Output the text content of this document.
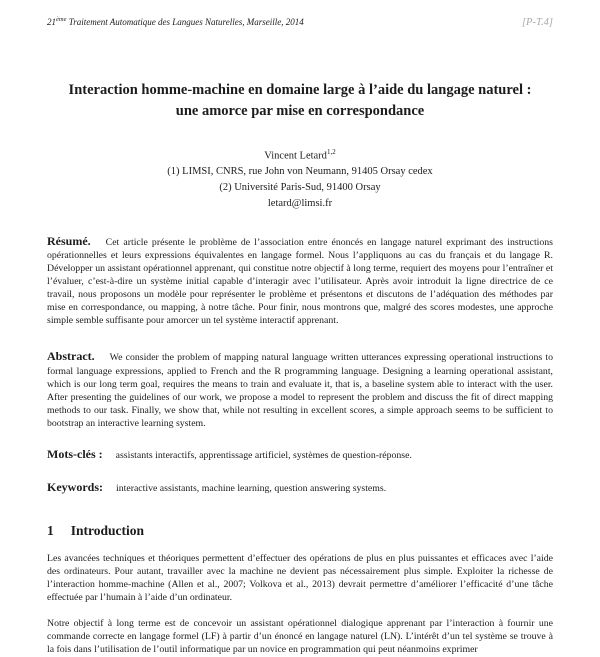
21ème Traitement Automatique des Langues Naturelles, Marseille, 2014	[P-T.4]
Interaction homme-machine en domaine large à l’aide du langage naturel :
une amorce par mise en correspondance
Vincent Letard$^{1,2}$
(1) LIMSI, CNRS, rue John von Neumann, 91405 Orsay cedex
(2) Université Paris-Sud, 91400 Orsay
letard@limsi.fr
Résumé. Cet article présente le problème de l’association entre énoncés en langage naturel exprimant des instructions opérationnelles et leurs expressions équivalentes en langage formel. Nous l’appliquons au cas du français et du langage R. Développer un assistant opérationnel apprenant, qui constitue notre objectif à long terme, requiert des moyens pour l’entraîner et l’évaluer, c’est-à-dire un système initial capable d’interagir avec l’utilisateur. Après avoir introduit la ligne directrice de ce travail, nous proposons un modèle pour représenter le problème et présentons et discutons de l’adéquation des méthodes par mise en correspondance, ou mapping, à notre tâche. Pour finir, nous montrons que, malgré des scores modestes, une approche simple semble suffisante pour amorcer un tel système interactif apprenant.
Abstract. We consider the problem of mapping natural language written utterances expressing operational instructions to formal language expressions, applied to French and the R programming language. Designing a learning operational assistant, which is our long term goal, requires the means to train and evaluate it, that is, a baseline system able to interact with the user. After presenting the guidelines of our work, we propose a model to represent the problem and discuss the fit of direct mapping methods to our task. Finally, we show that, while not resulting in excellent scores, a simple approach seems to be sufficient to bootstrap an interactive learning system.
Mots-clés : assistants interactifs, apprentissage artificiel, systèmes de question-réponse.
Keywords: interactive assistants, machine learning, question answering systems.
1 Introduction
Les avancées techniques et théoriques permettent d’effectuer des opérations de plus en plus puissantes et efficaces avec l’aide des ordinateurs. Pour autant, travailler avec la machine ne devient pas nécessairement plus simple. Exploiter la richesse de l’interaction homme-machine (Allen et al., 2007; Volkova et al., 2013) devrait permettre d’améliorer l’efficacité d’une tâche effectuée par l’humain à l’aide d’un ordinateur.
Notre objectif à long terme est de concevoir un assistant opérationnel dialogique apprenant par l’interaction à fournir une commande correcte en langage formel (LF) à partir d’un énoncé en langage naturel (LN). L’intérêt d’un tel système se trouve à la fois dans l’utilisation de l’outil informatique par un novice en programmation qui peut néanmoins exprimer
